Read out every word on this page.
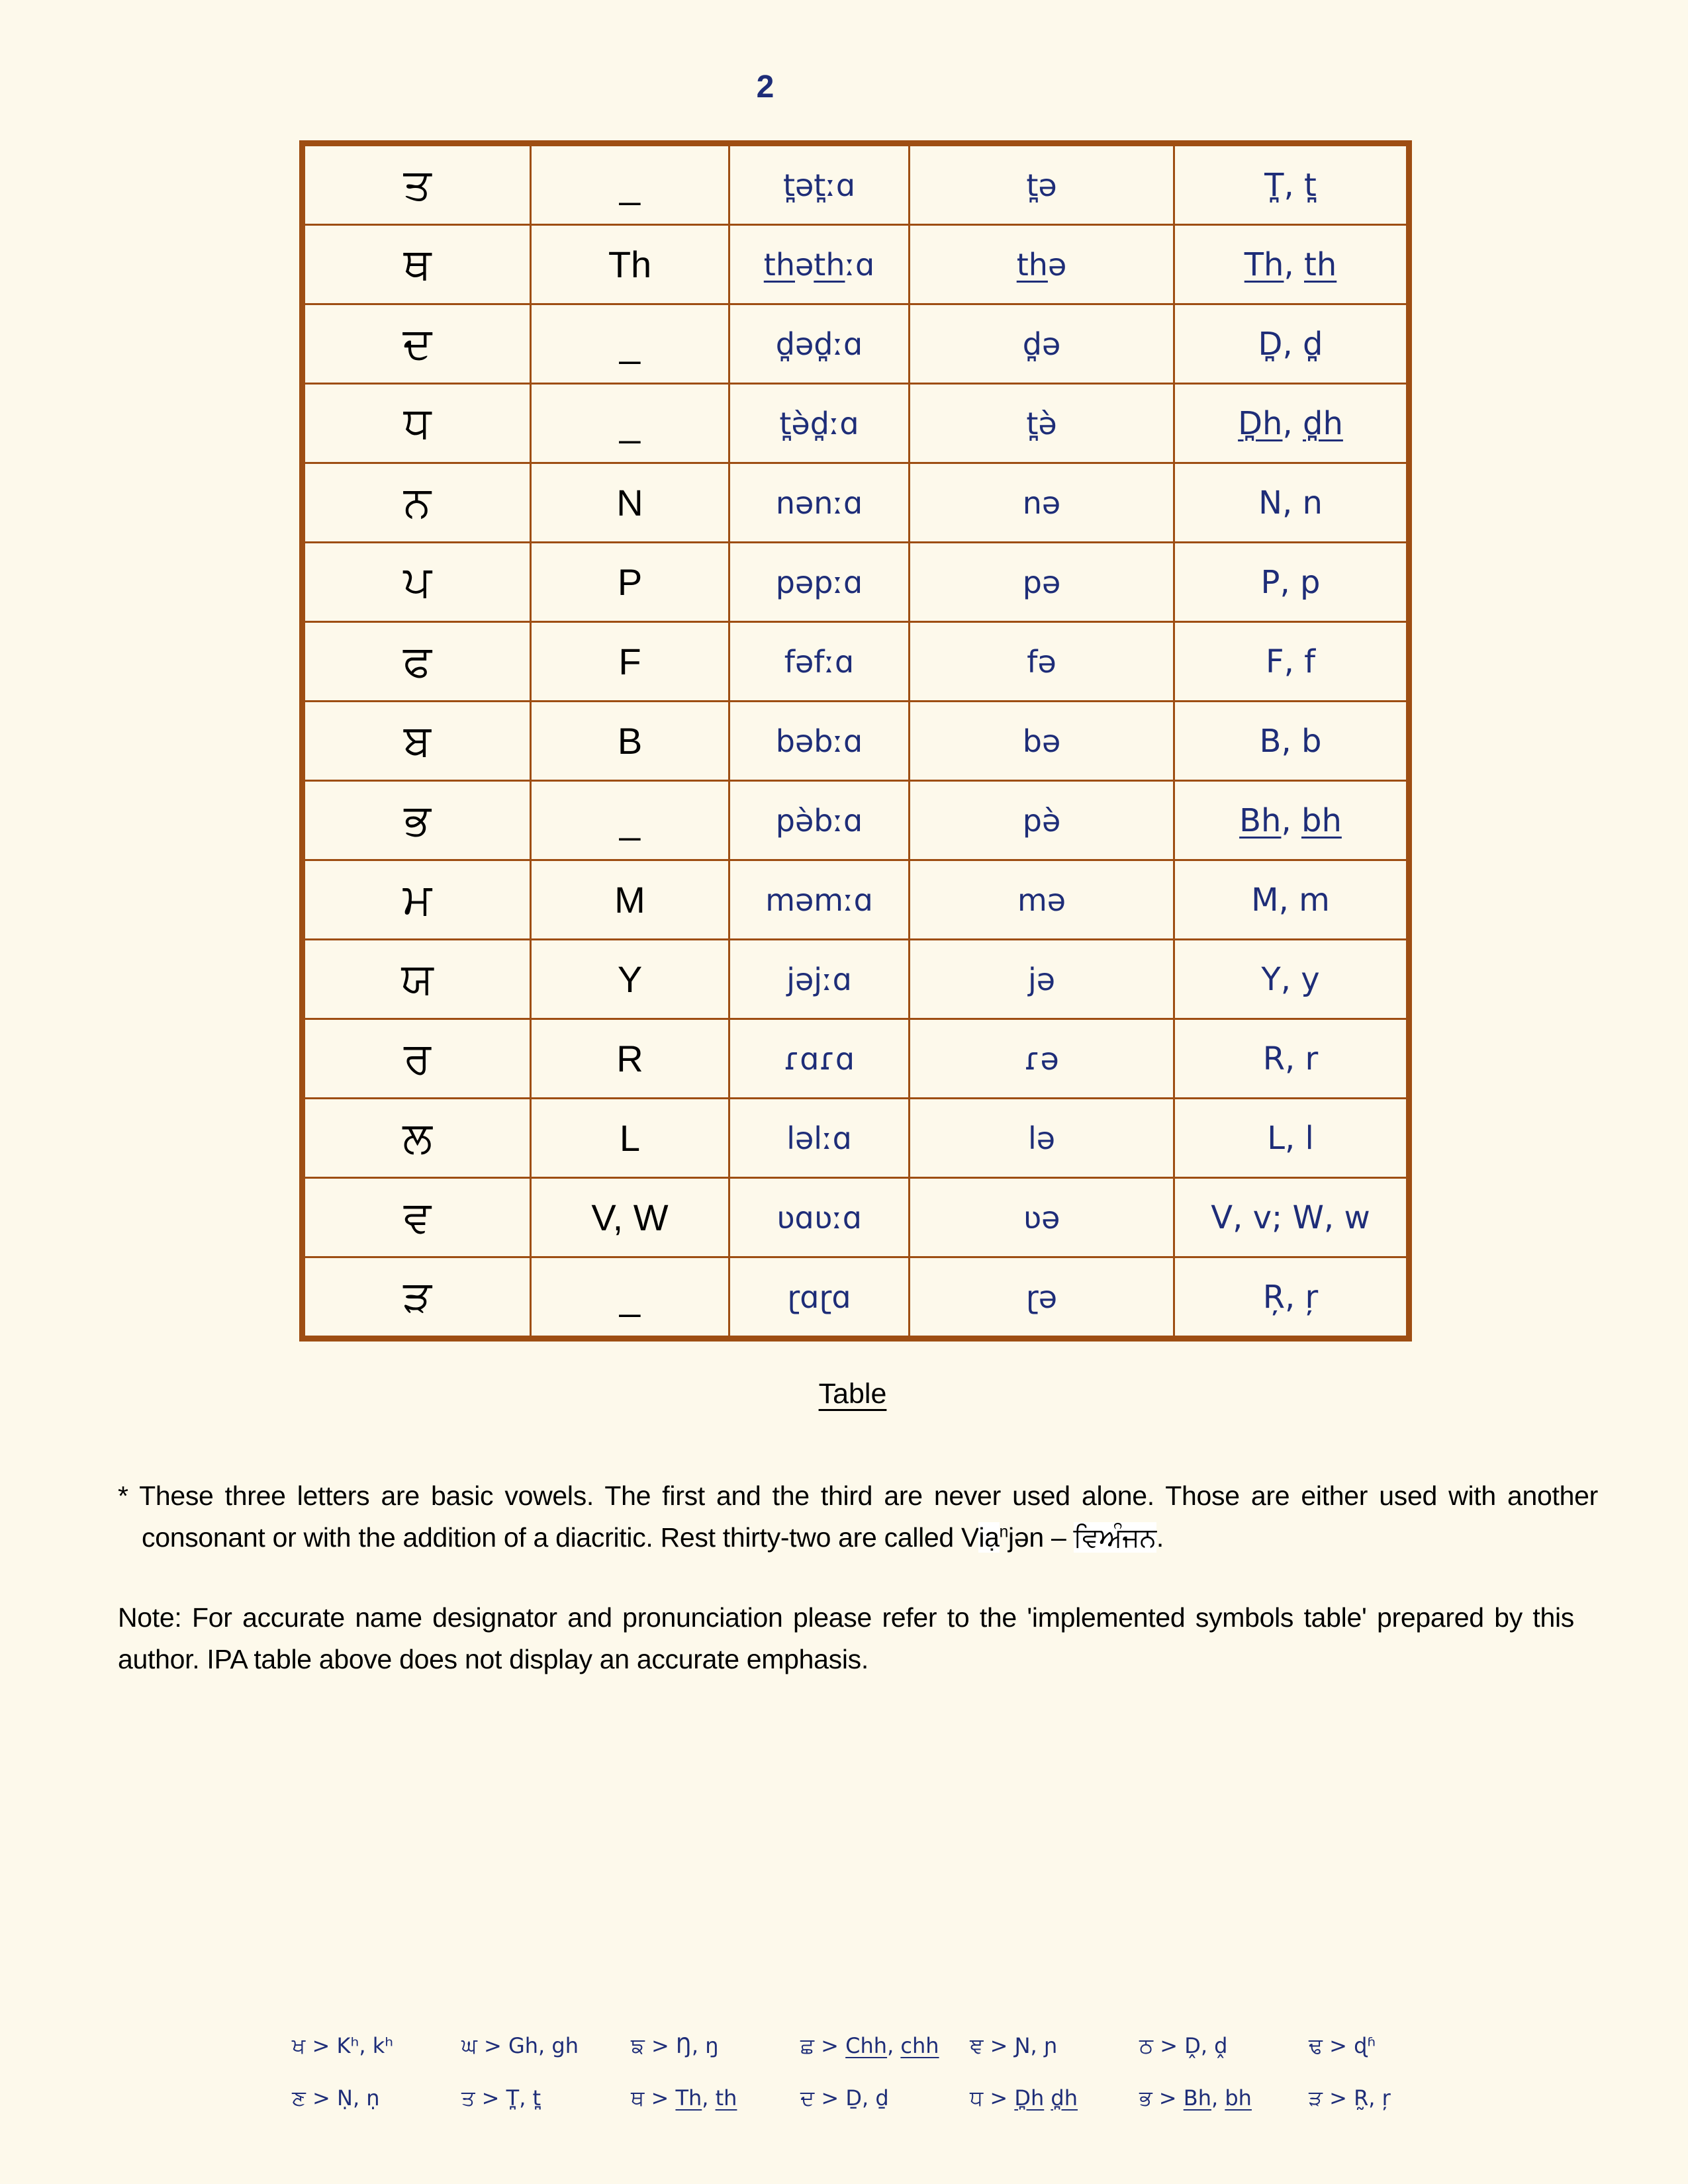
2
ਤ	_	t̪ət̪ːɑ	t̪ə	T̪, t̪
ਥ	Th	thəthːɑ	thə	Th, th
ਦ	_	d̪əd̪ːɑ	d̪ə	D̪, d̪
ਧ	_	t̪ə̀d̪ːɑ	t̪ə̀	D̪h, d̪h
ਨ	N	nənːɑ	nə	N, n
ਪ	P	pəpːɑ	pə	P, p
ਫ	F	fəfːɑ	fə	F, f
ਬ	B	bəbːɑ	bə	B, b
ਭ	_	pə̀bːɑ	pə̀	Bh, bh
ਮ	M	məmːɑ	mə	M, m
ਯ	Y	jəjːɑ	jə	Y, y
ਰ	R	ɾɑɾɑ	ɾə	R, r
ਲ	L	ləlːɑ	lə	L, l
ਵ	V, W	ʋɑʋːɑ	ʋə	V, v; W, w
ੜ	_	ɽɑɽɑ	ɽə	Ŗ, ŗ
Table

* These three letters are basic vowels. The first and the third are never used alone. Those are either used with another consonant or with the addition of a diacritic. Rest thirty-two are called Viạ$^n$jən – ਵਿਅੰਜਨ.

Note: For accurate name designator and pronunciation please refer to the 'implemented symbols table' prepared by this author. IPA table above does not display an accurate emphasis.

ਖ > Kʰ, kʰ	ਘ > Gh, gh	ਙ > Ŋ, ŋ	ਛ > Chh, chh	ਞ > Ɲ, ɲ	ਠ > Ḓ, ḓ	ਢ > ɖʱ
ਣ > Ṇ, ṇ	ਤ > T̪, t̪	ਥ > Th, th	ਦ > Ḏ, ḏ	ਧ > D̪h d̪h	ਭ > Bh, bh	ੜ > R̰, ŗ
